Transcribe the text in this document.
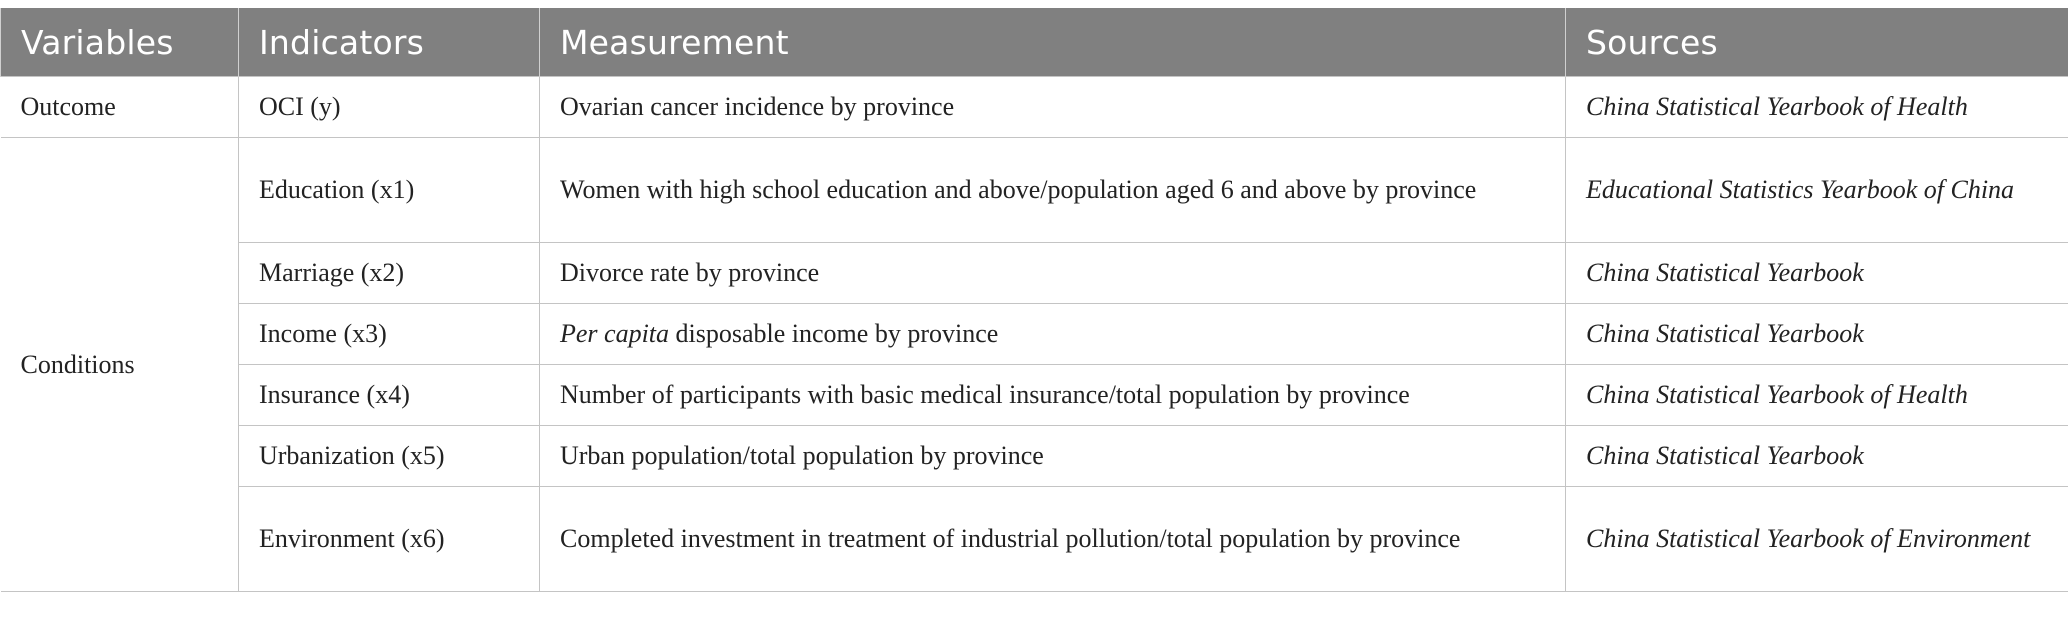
Variables	Indicators	Measurement	Sources
Outcome	OCI (y)	Ovarian cancer incidence by province	China Statistical Yearbook of Health
Conditions	Education (x1)	Women with high school education and above/population aged 6 and above by province	Educational Statistics Yearbook of China
	Marriage (x2)	Divorce rate by province	China Statistical Yearbook
	Income (x3)	Per capita disposable income by province	China Statistical Yearbook
	Insurance (x4)	Number of participants with basic medical insurance/total population by province	China Statistical Yearbook of Health
	Urbanization (x5)	Urban population/total population by province	China Statistical Yearbook
	Environment (x6)	Completed investment in treatment of industrial pollution/total population by province	China Statistical Yearbook of Environment
